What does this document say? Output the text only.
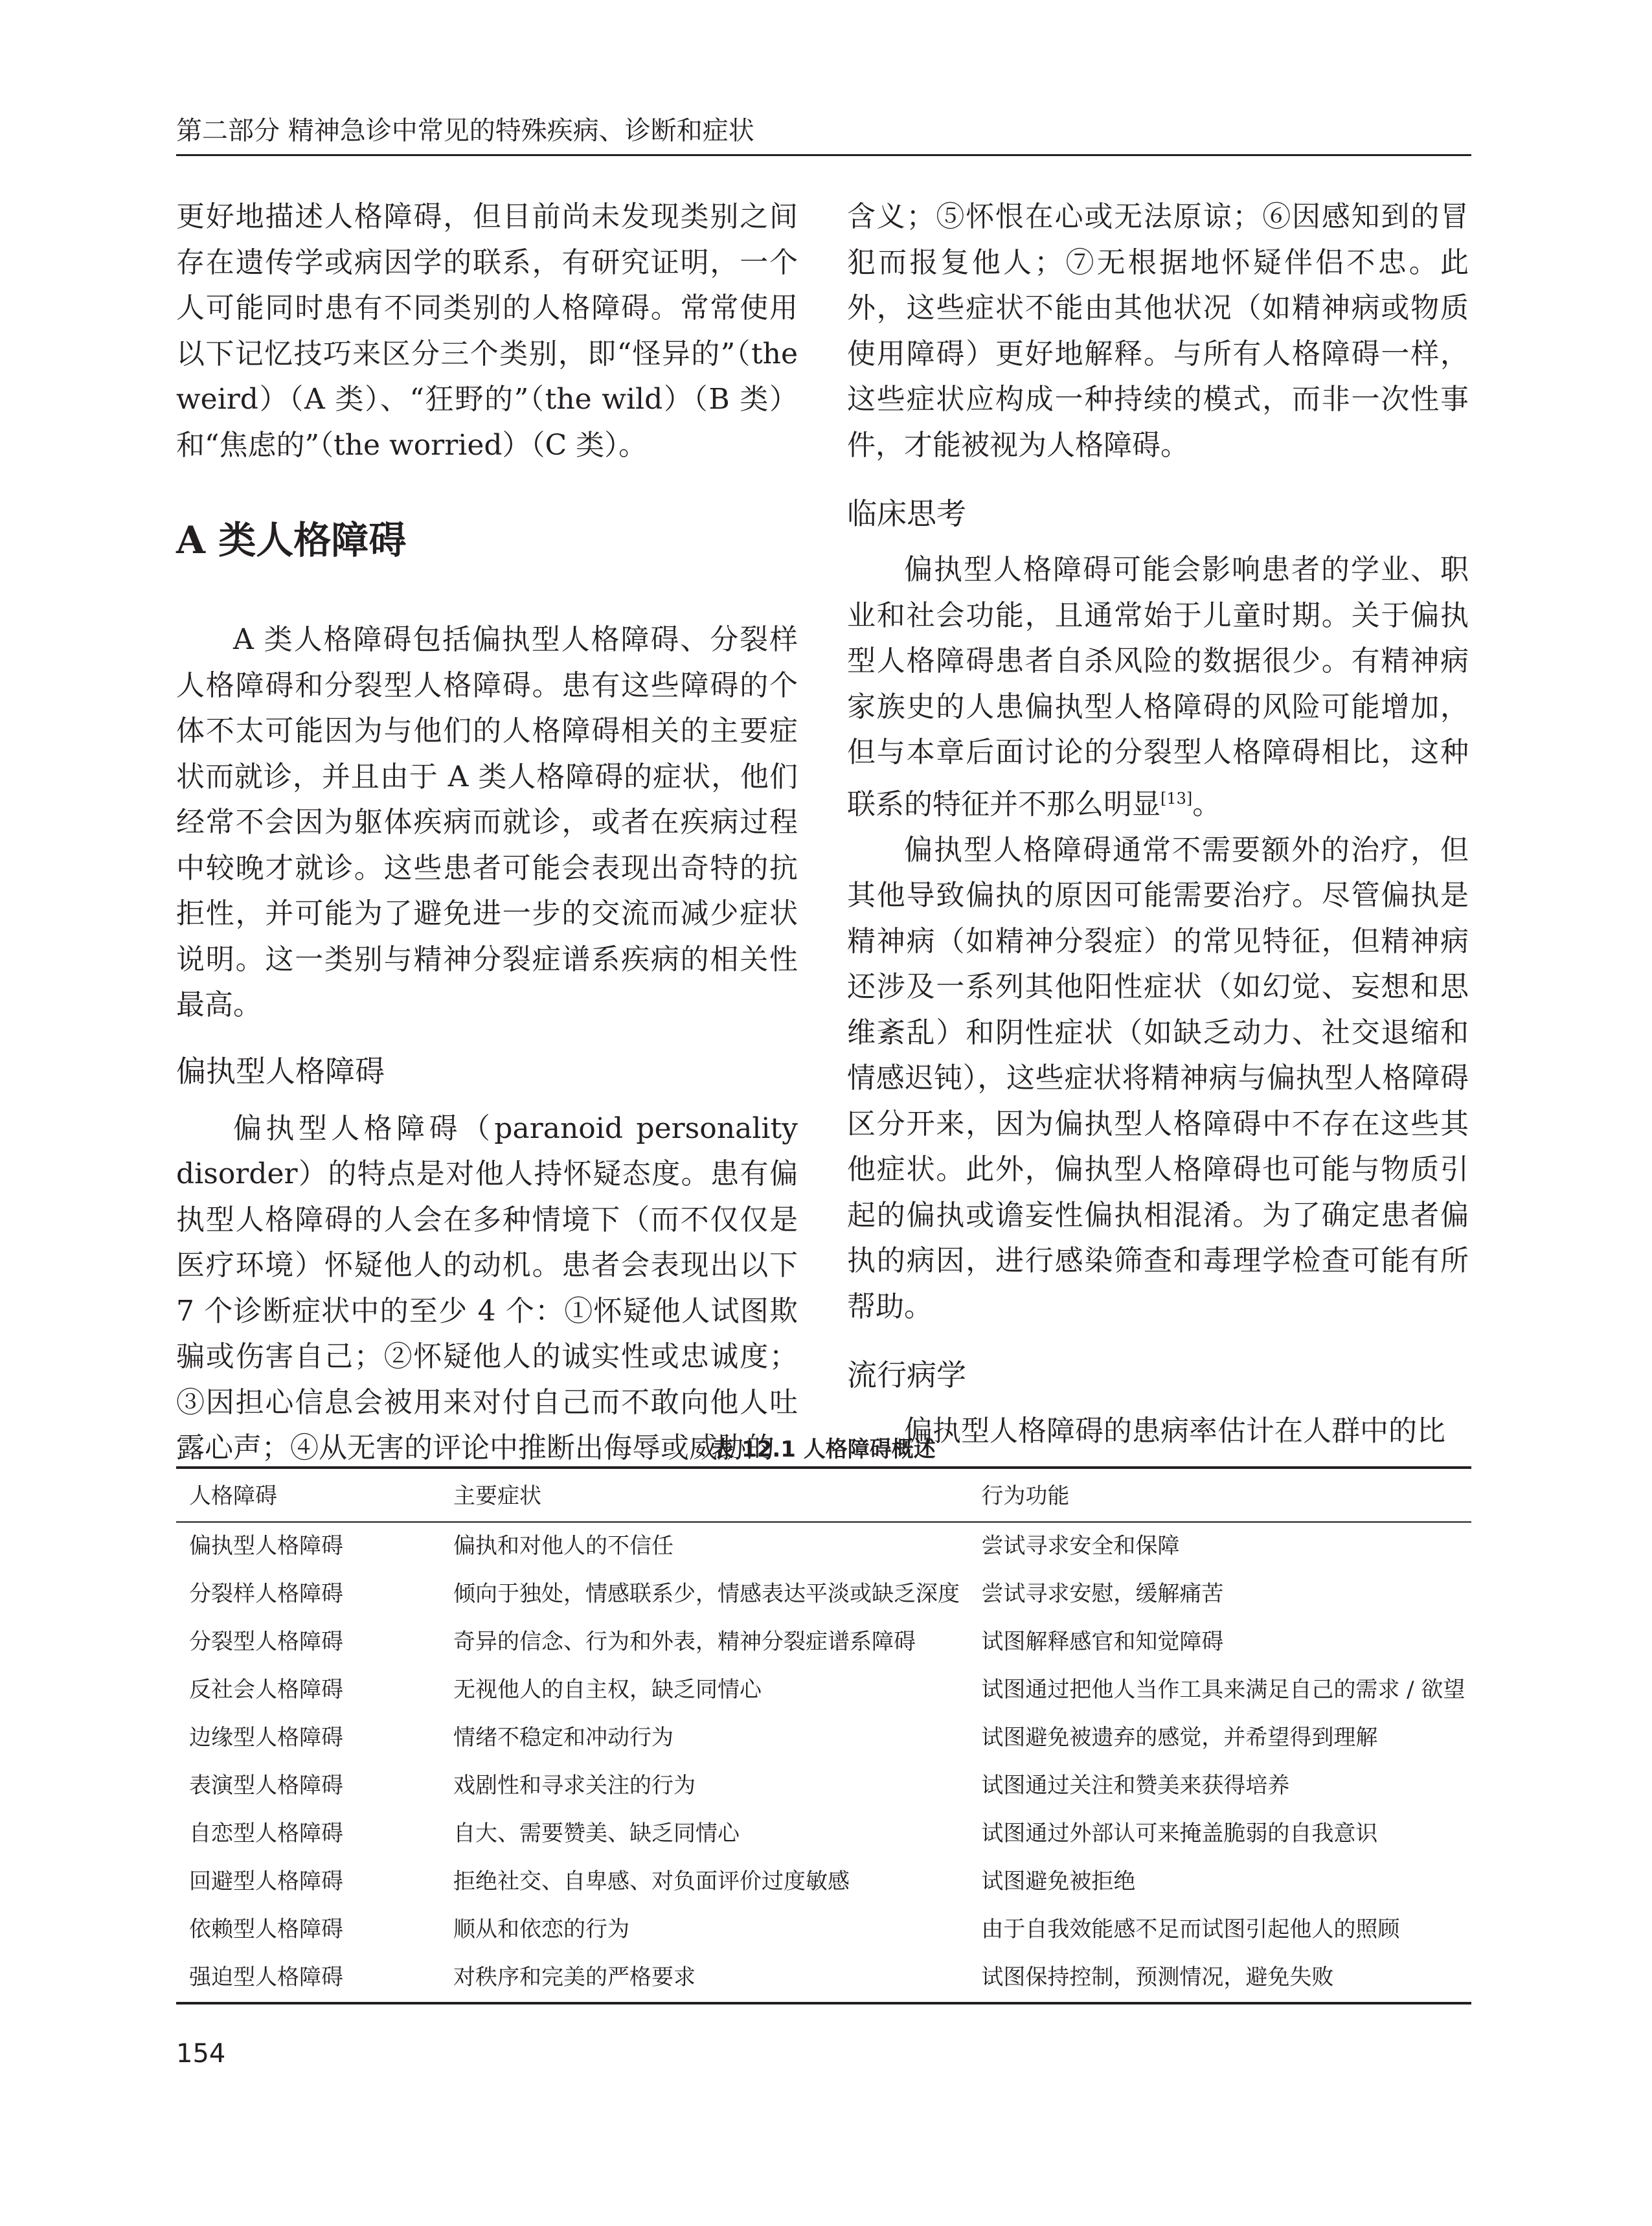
第二部分 精神急诊中常见的特殊疾病、诊断和症状

更好地描述人格障碍，但目前尚未发现类别之间存在遗传学或病因学的联系，有研究证明，一个人可能同时患有不同类别的人格障碍。常常使用以下记忆技巧来区分三个类别，即“怪异的”（the weird）（A 类）、“狂野的”（the wild）（B 类）和“焦虑的”（the worried）（C 类）。

A 类人格障碍

A 类人格障碍包括偏执型人格障碍、分裂样人格障碍和分裂型人格障碍。患有这些障碍的个体不太可能因为与他们的人格障碍相关的主要症状而就诊，并且由于 A 类人格障碍的症状，他们经常不会因为躯体疾病而就诊，或者在疾病过程中较晚才就诊。这些患者可能会表现出奇特的抗拒性，并可能为了避免进一步的交流而减少症状说明。这一类别与精神分裂症谱系疾病的相关性最高。

偏执型人格障碍

偏执型人格障碍（paranoid personality disorder）的特点是对他人持怀疑态度。患有偏执型人格障碍的人会在多种情境下（而不仅仅是医疗环境）怀疑他人的动机。患者会表现出以下 7 个诊断症状中的至少 4 个：①怀疑他人试图欺骗或伤害自己；②怀疑他人的诚实性或忠诚度；③因担心信息会被用来对付自己而不敢向他人吐露心声；④从无害的评论中推断出侮辱或威胁的

含义；⑤怀恨在心或无法原谅；⑥因感知到的冒犯而报复他人；⑦无根据地怀疑伴侣不忠。此外，这些症状不能由其他状况（如精神病或物质使用障碍）更好地解释。与所有人格障碍一样，这些症状应构成一种持续的模式，而非一次性事件，才能被视为人格障碍。

临床思考

偏执型人格障碍可能会影响患者的学业、职业和社会功能，且通常始于儿童时期。关于偏执型人格障碍患者自杀风险的数据很少。有精神病家族史的人患偏执型人格障碍的风险可能增加，但与本章后面讨论的分裂型人格障碍相比，这种联系的特征并不那么明显[13]。

偏执型人格障碍通常不需要额外的治疗，但其他导致偏执的原因可能需要治疗。尽管偏执是精神病（如精神分裂症）的常见特征，但精神病还涉及一系列其他阳性症状（如幻觉、妄想和思维紊乱）和阴性症状（如缺乏动力、社交退缩和情感迟钝），这些症状将精神病与偏执型人格障碍区分开来，因为偏执型人格障碍中不存在这些其他症状。此外，偏执型人格障碍也可能与物质引起的偏执或谵妄性偏执相混淆。为了确定患者偏执的病因，进行感染筛查和毒理学检查可能有所帮助。

流行病学

偏执型人格障碍的患病率估计在人群中的比

表 12.1 人格障碍概述
人格障碍	主要症状	行为功能
偏执型人格障碍	偏执和对他人的不信任	尝试寻求安全和保障
分裂样人格障碍	倾向于独处，情感联系少，情感表达平淡或缺乏深度	尝试寻求安慰，缓解痛苦
分裂型人格障碍	奇异的信念、行为和外表，精神分裂症谱系障碍	试图解释感官和知觉障碍
反社会人格障碍	无视他人的自主权，缺乏同情心	试图通过把他人当作工具来满足自己的需求 / 欲望
边缘型人格障碍	情绪不稳定和冲动行为	试图避免被遗弃的感觉，并希望得到理解
表演型人格障碍	戏剧性和寻求关注的行为	试图通过关注和赞美来获得培养
自恋型人格障碍	自大、需要赞美、缺乏同情心	试图通过外部认可来掩盖脆弱的自我意识
回避型人格障碍	拒绝社交、自卑感、对负面评价过度敏感	试图避免被拒绝
依赖型人格障碍	顺从和依恋的行为	由于自我效能感不足而试图引起他人的照顾
强迫型人格障碍	对秩序和完美的严格要求	试图保持控制，预测情况，避免失败
154
